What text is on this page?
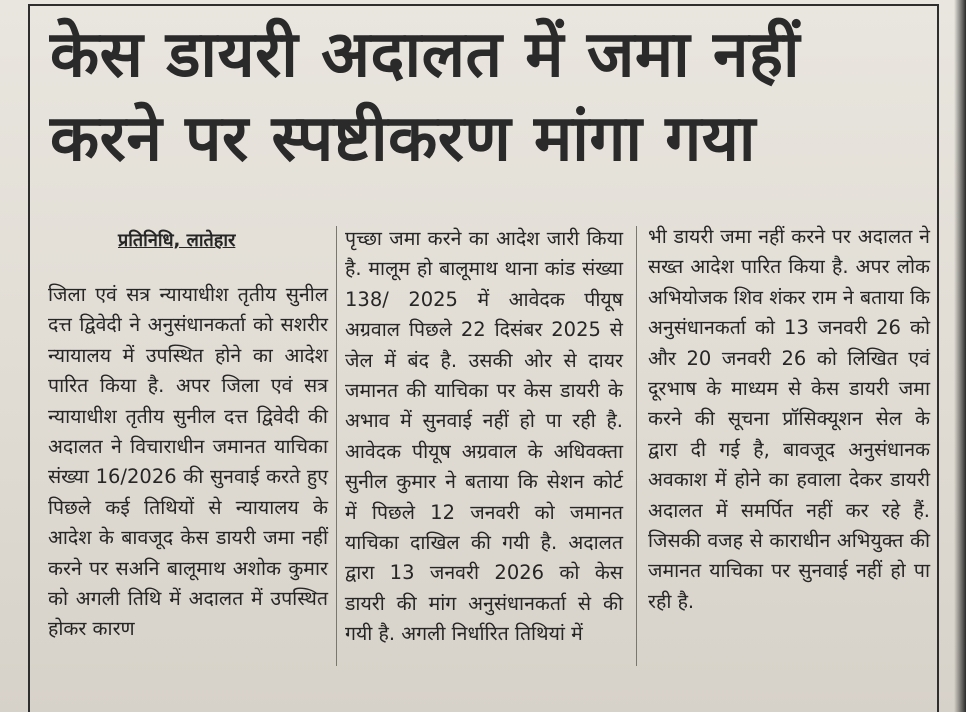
केस डायरी अदालत में जमा नहीं
करने पर स्पष्टीकरण मांगा गया
प्रतिनिधि, लातेहार

जिला एवं सत्र न्यायाधीश तृतीय सुनील दत्त द्विवेदी ने अनुसंधानकर्ता को सशरीर न्यायालय में उपस्थित होने का आदेश पारित किया है. अपर जिला एवं सत्र न्यायाधीश तृतीय सुनील दत्त द्विवेदी की अदालत ने विचाराधीन जमानत याचिका संख्या 16/2026 की सुनवाई करते हुए पिछले कई तिथियों से न्यायालय के आदेश के बावजूद केस डायरी जमा नहीं करने पर सअनि बालूमाथ अशोक कुमार को अगली तिथि में अदालत में उपस्थित होकर कारण

पृच्छा जमा करने का आदेश जारी किया है. मालूम हो बालूमाथ थाना कांड संख्या 138/ 2025 में आवेदक पीयूष अग्रवाल पिछले 22 दिसंबर 2025 से जेल में बंद है. उसकी ओर से दायर जमानत की याचिका पर केस डायरी के अभाव में सुनवाई नहीं हो पा रही है. आवेदक पीयूष अग्रवाल के अधिवक्ता सुनील कुमार ने बताया कि सेशन कोर्ट में पिछले 12 जनवरी को जमानत याचिका दाखिल की गयी है. अदालत द्वारा 13 जनवरी 2026 को केस डायरी की मांग अनुसंधानकर्ता से की गयी है. अगली निर्धारित तिथियां में

भी डायरी जमा नहीं करने पर अदालत ने सख्त आदेश पारित किया है. अपर लोक अभियोजक शिव शंकर राम ने बताया कि अनुसंधानकर्ता को 13 जनवरी 26 को और 20 जनवरी 26 को लिखित एवं दूरभाष के माध्यम से केस डायरी जमा करने की सूचना प्रॉसिक्यूशन सेल के द्वारा दी गई है, बावजूद अनुसंधानक अवकाश में होने का हवाला देकर डायरी अदालत में समर्पित नहीं कर रहे हैं. जिसकी वजह से काराधीन अभियुक्त की जमानत याचिका पर सुनवाई नहीं हो पा रही है.
